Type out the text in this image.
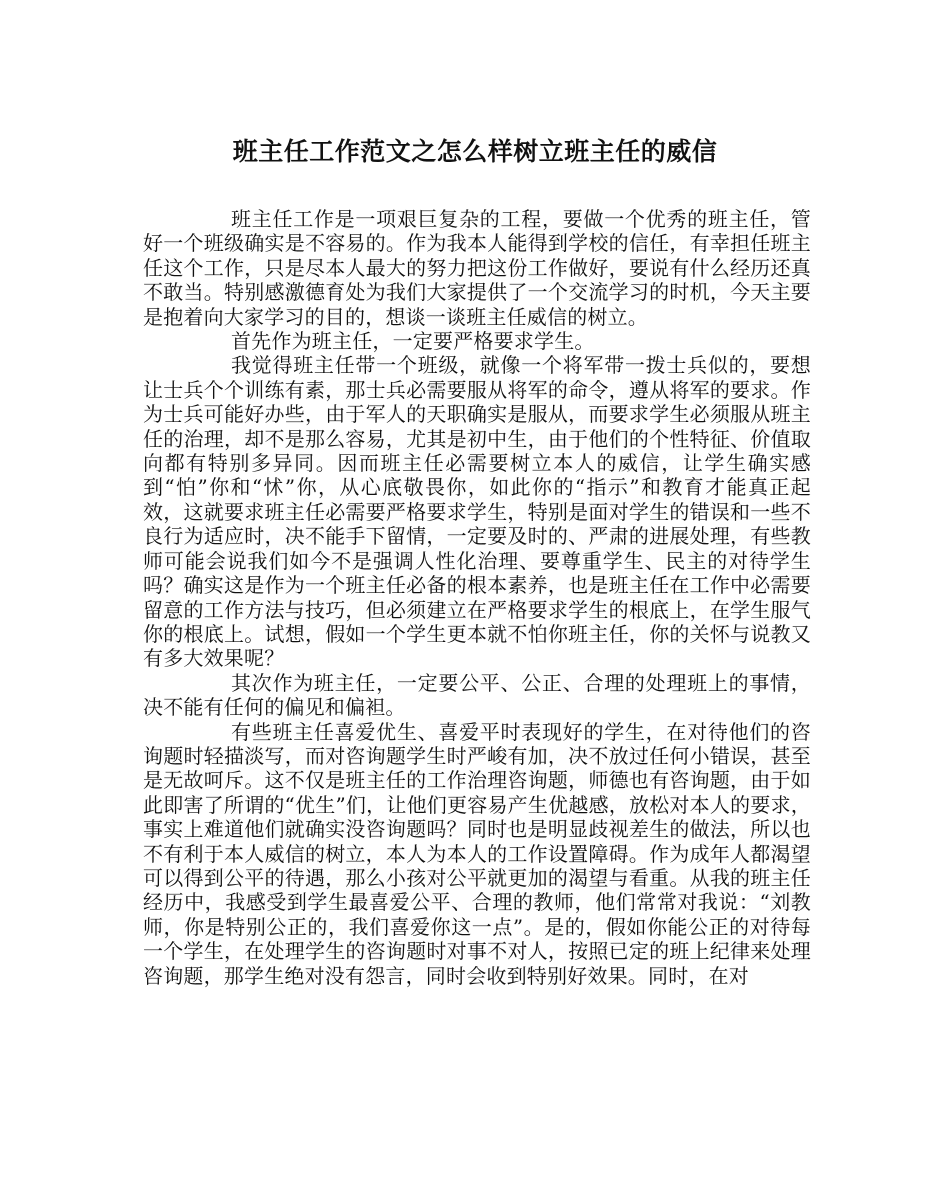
班主任工作范文之怎么样树立班主任的威信

班主任工作是一项艰巨复杂的工程，要做一个优秀的班主任，管好一个班级确实是不容易的。作为我本人能得到学校的信任，有幸担任班主任这个工作，只是尽本人最大的努力把这份工作做好，要说有什么经历还真不敢当。特别感激德育处为我们大家提供了一个交流学习的时机，今天主要是抱着向大家学习的目的，想谈一谈班主任威信的树立。

首先作为班主任，一定要严格要求学生。

我觉得班主任带一个班级，就像一个将军带一拨士兵似的，要想让士兵个个训练有素，那士兵必需要服从将军的命令，遵从将军的要求。作为士兵可能好办些，由于军人的天职确实是服从，而要求学生必须服从班主任的治理，却不是那么容易，尤其是初中生，由于他们的个性特征、价值取向都有特别多异同。因而班主任必需要树立本人的威信，让学生确实感到“怕”你和“怵”你，从心底敬畏你，如此你的“指示”和教育才能真正起效，这就要求班主任必需要严格要求学生，特别是面对学生的错误和一些不良行为适应时，决不能手下留情，一定要及时的、严肃的进展处理，有些教师可能会说我们如今不是强调人性化治理、要尊重学生、民主的对待学生吗？确实这是作为一个班主任必备的根本素养，也是班主任在工作中必需要留意的工作方法与技巧，但必须建立在严格要求学生的根底上，在学生服气你的根底上。试想，假如一个学生更本就不怕你班主任，你的关怀与说教又有多大效果呢？

其次作为班主任，一定要公平、公正、合理的处理班上的事情，决不能有任何的偏见和偏袒。

有些班主任喜爱优生、喜爱平时表现好的学生，在对待他们的咨询题时轻描淡写，而对咨询题学生时严峻有加，决不放过任何小错误，甚至是无故呵斥。这不仅是班主任的工作治理咨询题，师德也有咨询题，由于如此即害了所谓的“优生”们，让他们更容易产生优越感，放松对本人的要求，事实上难道他们就确实没咨询题吗？同时也是明显歧视差生的做法，所以也不有利于本人威信的树立，本人为本人的工作设置障碍。作为成年人都渴望可以得到公平的待遇，那么小孩对公平就更加的渴望与看重。从我的班主任经历中，我感受到学生最喜爱公平、合理的教师，他们常常对我说：“刘教师，你是特别公正的，我们喜爱你这一点”。是的，假如你能公正的对待每一个学生，在处理学生的咨询题时对事不对人，按照已定的班上纪律来处理咨询题，那学生绝对没有怨言，同时会收到特别好效果。同时，在对
